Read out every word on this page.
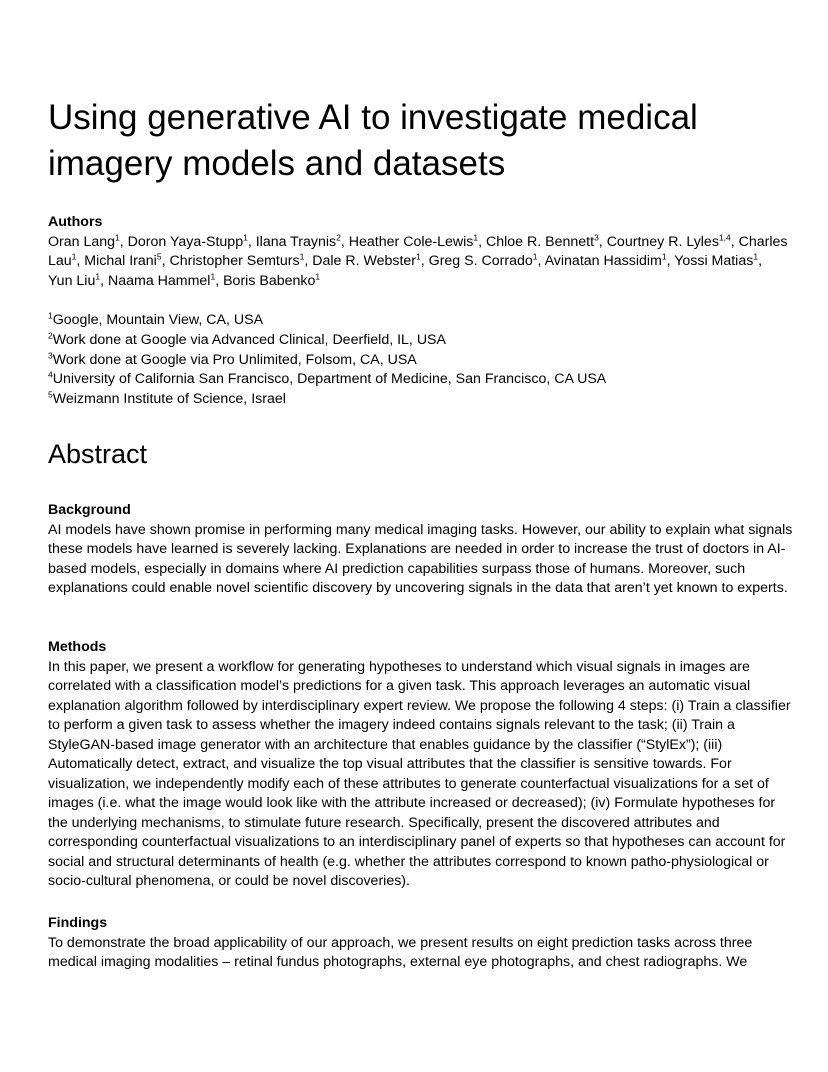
Using generative AI to investigate medical imagery models and datasets
Authors
Oran Lang$^1$, Doron Yaya-Stupp$^1$, Ilana Traynis$^2$, Heather Cole-Lewis$^1$, Chloe R. Bennett$^3$, Courtney R. Lyles$^{1,4}$, Charles Lau$^1$, Michal Irani$^5$, Christopher Semturs$^1$, Dale R. Webster$^1$, Greg S. Corrado$^1$, Avinatan Hassidim$^1$, Yossi Matias$^1$, Yun Liu$^1$, Naama Hammel$^1$, Boris Babenko$^1$
$^1$Google, Mountain View, CA, USA
$^2$Work done at Google via Advanced Clinical, Deerfield, IL, USA
$^3$Work done at Google via Pro Unlimited, Folsom, CA, USA
$^4$University of California San Francisco, Department of Medicine, San Francisco, CA USA
$^5$Weizmann Institute of Science, Israel
Abstract
Background

AI models have shown promise in performing many medical imaging tasks. However, our ability to explain what signals these models have learned is severely lacking. Explanations are needed in order to increase the trust of doctors in AI-based models, especially in domains where AI prediction capabilities surpass those of humans. Moreover, such explanations could enable novel scientific discovery by uncovering signals in the data that aren’t yet known to experts.

Methods

In this paper, we present a workflow for generating hypotheses to understand which visual signals in images are correlated with a classification model’s predictions for a given task. This approach leverages an automatic visual explanation algorithm followed by interdisciplinary expert review. We propose the following 4 steps: (i) Train a classifier to perform a given task to assess whether the imagery indeed contains signals relevant to the task; (ii) Train a StyleGAN-based image generator with an architecture that enables guidance by the classifier (“StylEx”); (iii) Automatically detect, extract, and visualize the top visual attributes that the classifier is sensitive towards. For visualization, we independently modify each of these attributes to generate counterfactual visualizations for a set of images (i.e. what the image would look like with the attribute increased or decreased); (iv) Formulate hypotheses for the underlying mechanisms, to stimulate future research. Specifically, present the discovered attributes and corresponding counterfactual visualizations to an interdisciplinary panel of experts so that hypotheses can account for social and structural determinants of health (e.g. whether the attributes correspond to known patho-physiological or socio-cultural phenomena, or could be novel discoveries).

Findings

To demonstrate the broad applicability of our approach, we present results on eight prediction tasks across three medical imaging modalities – retinal fundus photographs, external eye photographs, and chest radiographs. We
